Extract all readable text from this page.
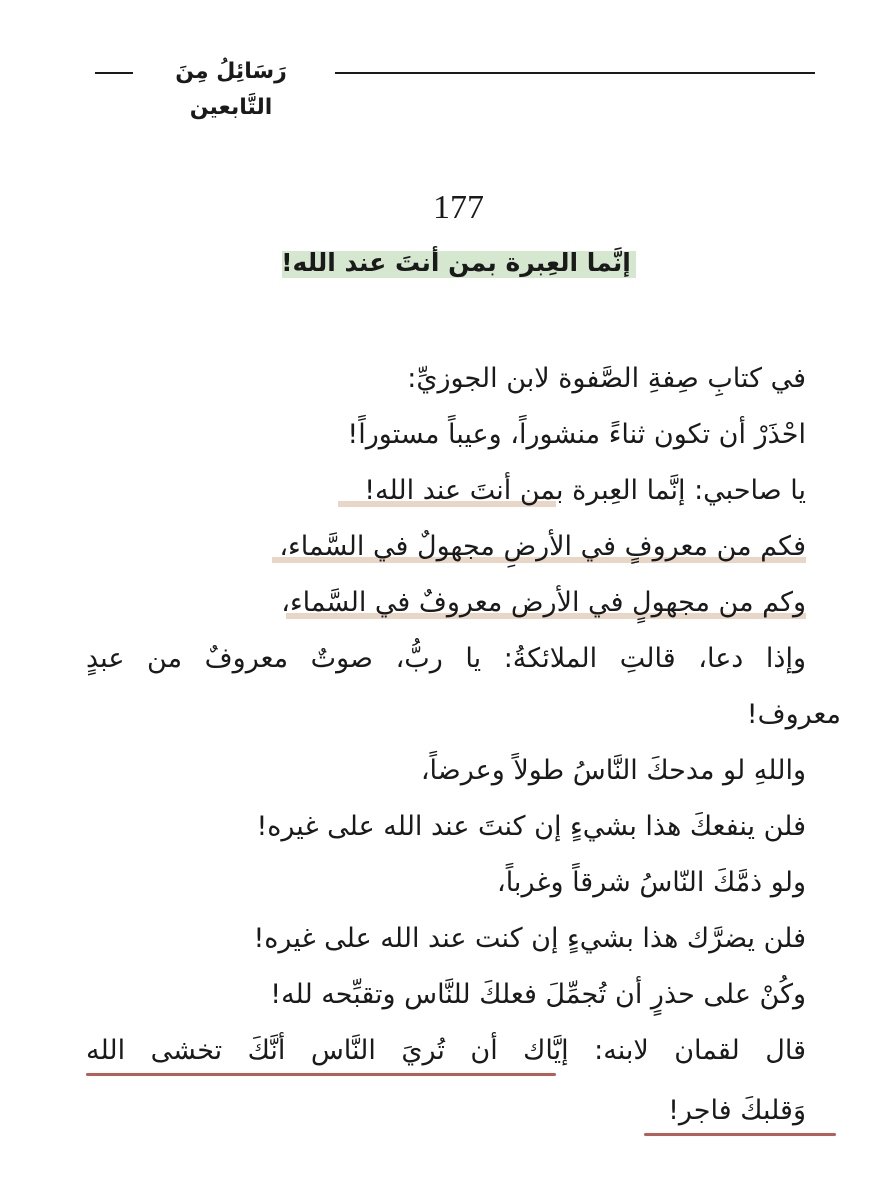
رَسَائِلُ مِنَ التَّابعين
177
إنَّما العِبرة بمن أنتَ عند الله!
في كتابِ صِفةِ الصَّفوة لابن الجوزيِّ:
احْذَرْ أن تكون ثناءً منشوراً، وعيباً مستوراً!
يا صاحبي: إنَّما العِبرة بمن أنتَ عند الله!
فكم من معروفٍ في الأرضِ مجهولٌ في السَّماء،
وكم من مجهولٍ في الأرض معروفٌ في السَّماء،
وإذا دعا، قالتِ الملائكةُ: يا ربُّ، صوتٌ معروفٌ من عبدٍ
معروف!
واللهِ لو مدحكَ النَّاسُ طولاً وعرضاً،
فلن ينفعكَ هذا بشيءٍ إن كنتَ عند الله على غيره!
ولو ذمَّكَ النّاسُ شرقاً وغرباً،
فلن يضرَّك هذا بشيءٍ إن كنت عند الله على غيره!
وكُنْ على حذرٍ أن تُجمِّلَ فعلكَ للنَّاس وتقبِّحه لله!
قال لقمان لابنه: إيَّاك أن تُريَ النَّاس أنَّكَ تخشى الله
وَقلبكَ فاجر!
